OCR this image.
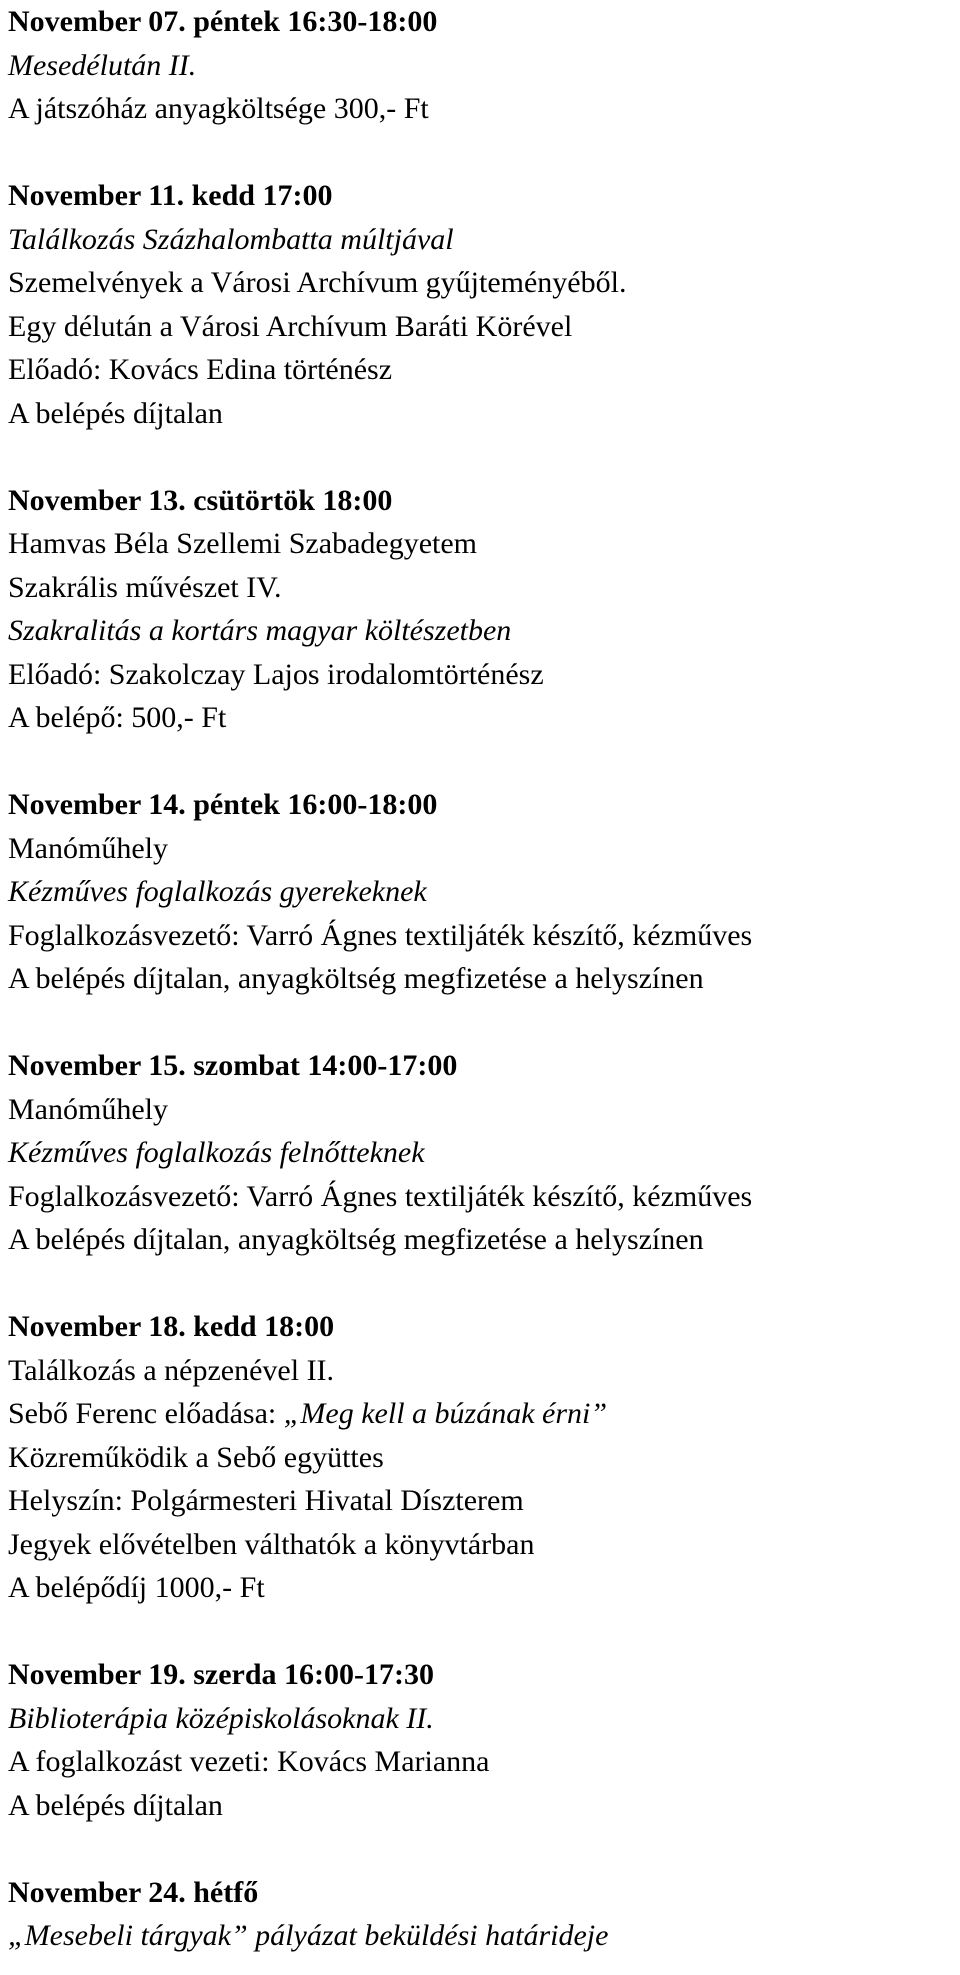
November 07. péntek 16:30-18:00
Mesedélután II.
A játszóház anyagköltsége 300,- Ft
November 11. kedd 17:00
Találkozás Százhalombatta múltjával
Szemelvények a Városi Archívum gyűjteményéből.
Egy délután a Városi Archívum Baráti Körével
Előadó: Kovács Edina történész
A belépés díjtalan
November 13. csütörtök 18:00
Hamvas Béla Szellemi Szabadegyetem
Szakrális művészet IV.
Szakralitás a kortárs magyar költészetben
Előadó: Szakolczay Lajos irodalomtörténész
A belépő: 500,- Ft
November 14. péntek 16:00-18:00
Manóműhely
Kézműves foglalkozás gyerekeknek
Foglalkozásvezető: Varró Ágnes textiljáték készítő, kézműves
A belépés díjtalan, anyagköltség megfizetése a helyszínen
November 15. szombat 14:00-17:00
Manóműhely
Kézműves foglalkozás felnőtteknek
Foglalkozásvezető: Varró Ágnes textiljáték készítő, kézműves
A belépés díjtalan, anyagköltség megfizetése a helyszínen
November 18. kedd 18:00
Találkozás a népzenével II.
Sebő Ferenc előadása: „Meg kell a búzának érni”
Közreműködik a Sebő együttes
Helyszín: Polgármesteri Hivatal Díszterem
Jegyek elővételben válthatók a könyvtárban
A belépődíj 1000,- Ft
November 19. szerda 16:00-17:30
Biblioterápia középiskolásoknak II.
A foglalkozást vezeti: Kovács Marianna
A belépés díjtalan
November 24. hétfő
„Mesebeli tárgyak” pályázat beküldési határideje
